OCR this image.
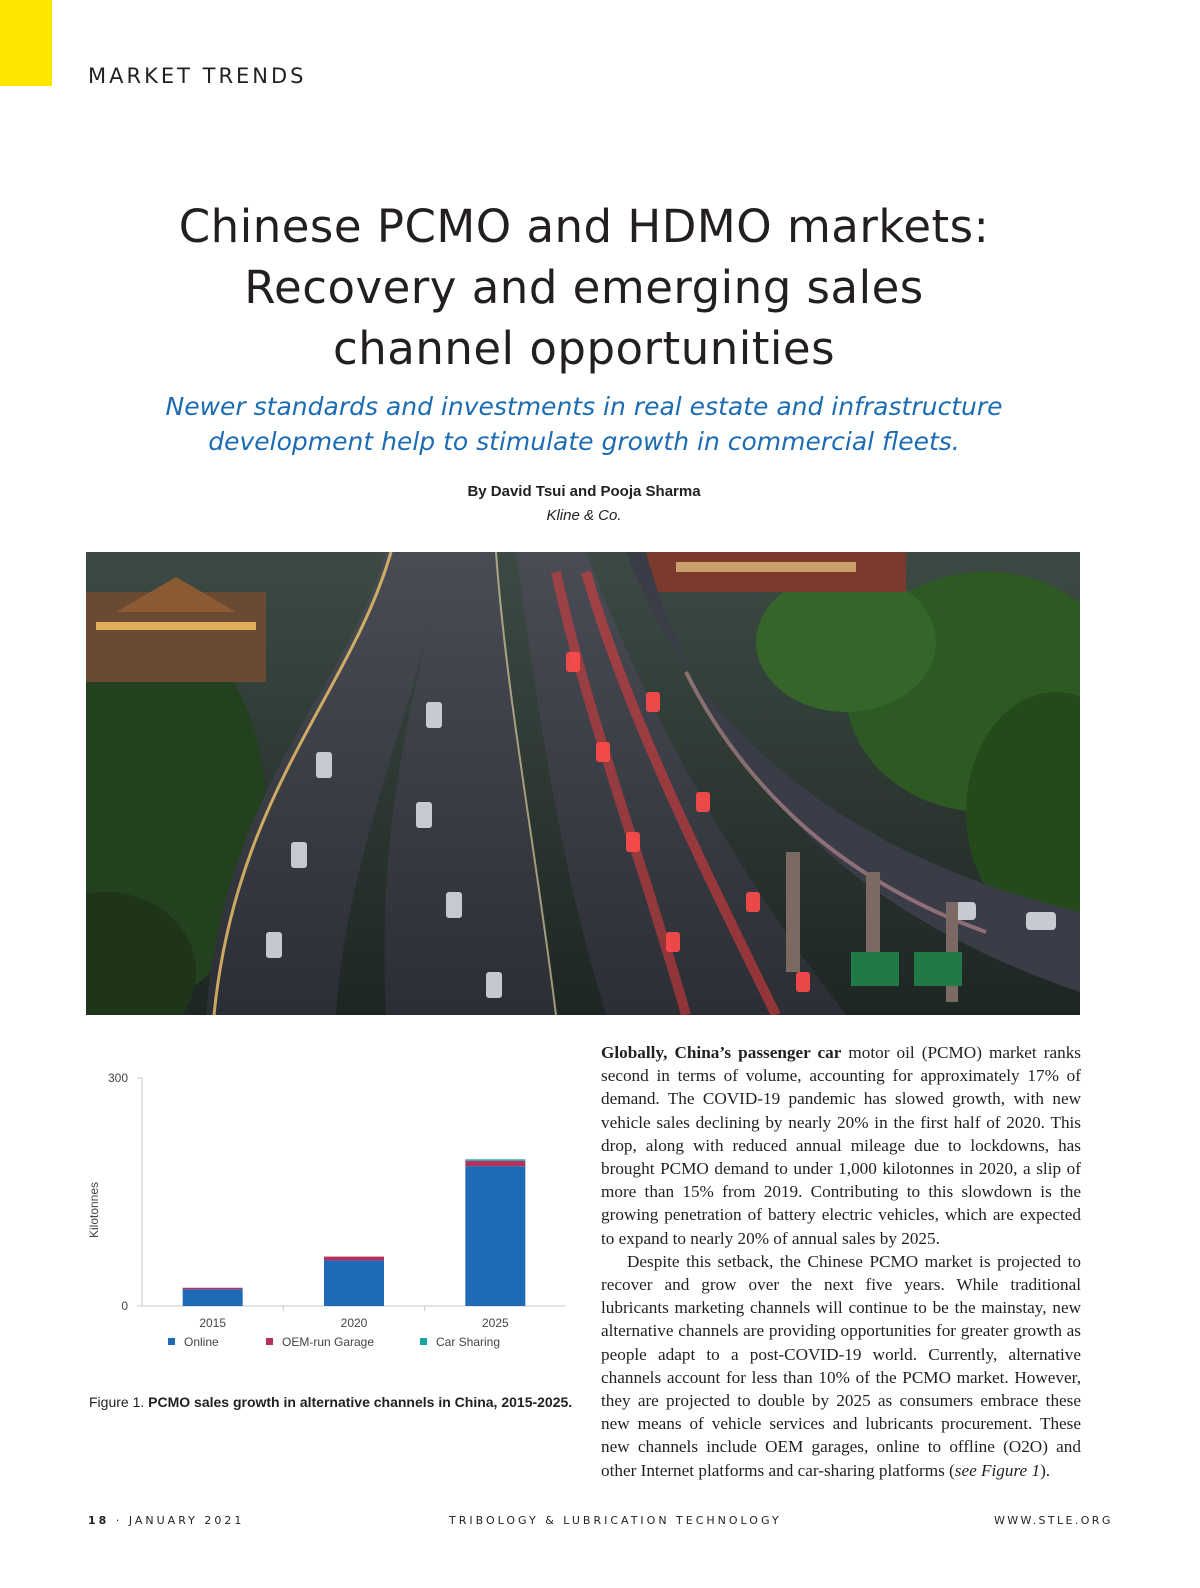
MARKET TRENDS
Chinese PCMO and HDMO markets:
Recovery and emerging sales
channel opportunities
Newer standards and investments in real estate and infrastructure
development help to stimulate growth in commercial fleets.
By David Tsui and Pooja Sharma
Kline & Co.
Kilotonnes
0
300
2015	2020	2025
Online	OEM-run Garage	Car Sharing
Figure 1. PCMO sales growth in alternative channels in China, 2015-2025.

Globally, China’s passenger car motor oil (PCMO) market ranks second in terms of volume, accounting for approximately 17% of demand. The COVID-19 pandemic has slowed growth, with new vehicle sales declining by nearly 20% in the first half of 2020. This drop, along with reduced annual mileage due to lockdowns, has brought PCMO demand to under 1,000 kilotonnes in 2020, a slip of more than 15% from 2019. Contributing to this slowdown is the growing penetration of battery electric vehicles, which are expected to expand to nearly 20% of annual sales by 2025.

Despite this setback, the Chinese PCMO market is projected to recover and grow over the next five years. While traditional lubricants marketing channels will continue to be the mainstay, new alternative channels are providing opportunities for greater growth as people adapt to a post-COVID-19 world. Currently, alternative channels account for less than 10% of the PCMO market. However, they are projected to double by 2025 as consumers embrace these new means of vehicle services and lubricants procurement. These new channels include OEM garages, online to offline (O2O) and other Internet platforms and car-sharing platforms (see Figure 1).

18 · JANUARY 2021	TRIBOLOGY & LUBRICATION TECHNOLOGY	WWW.STLE.ORG
